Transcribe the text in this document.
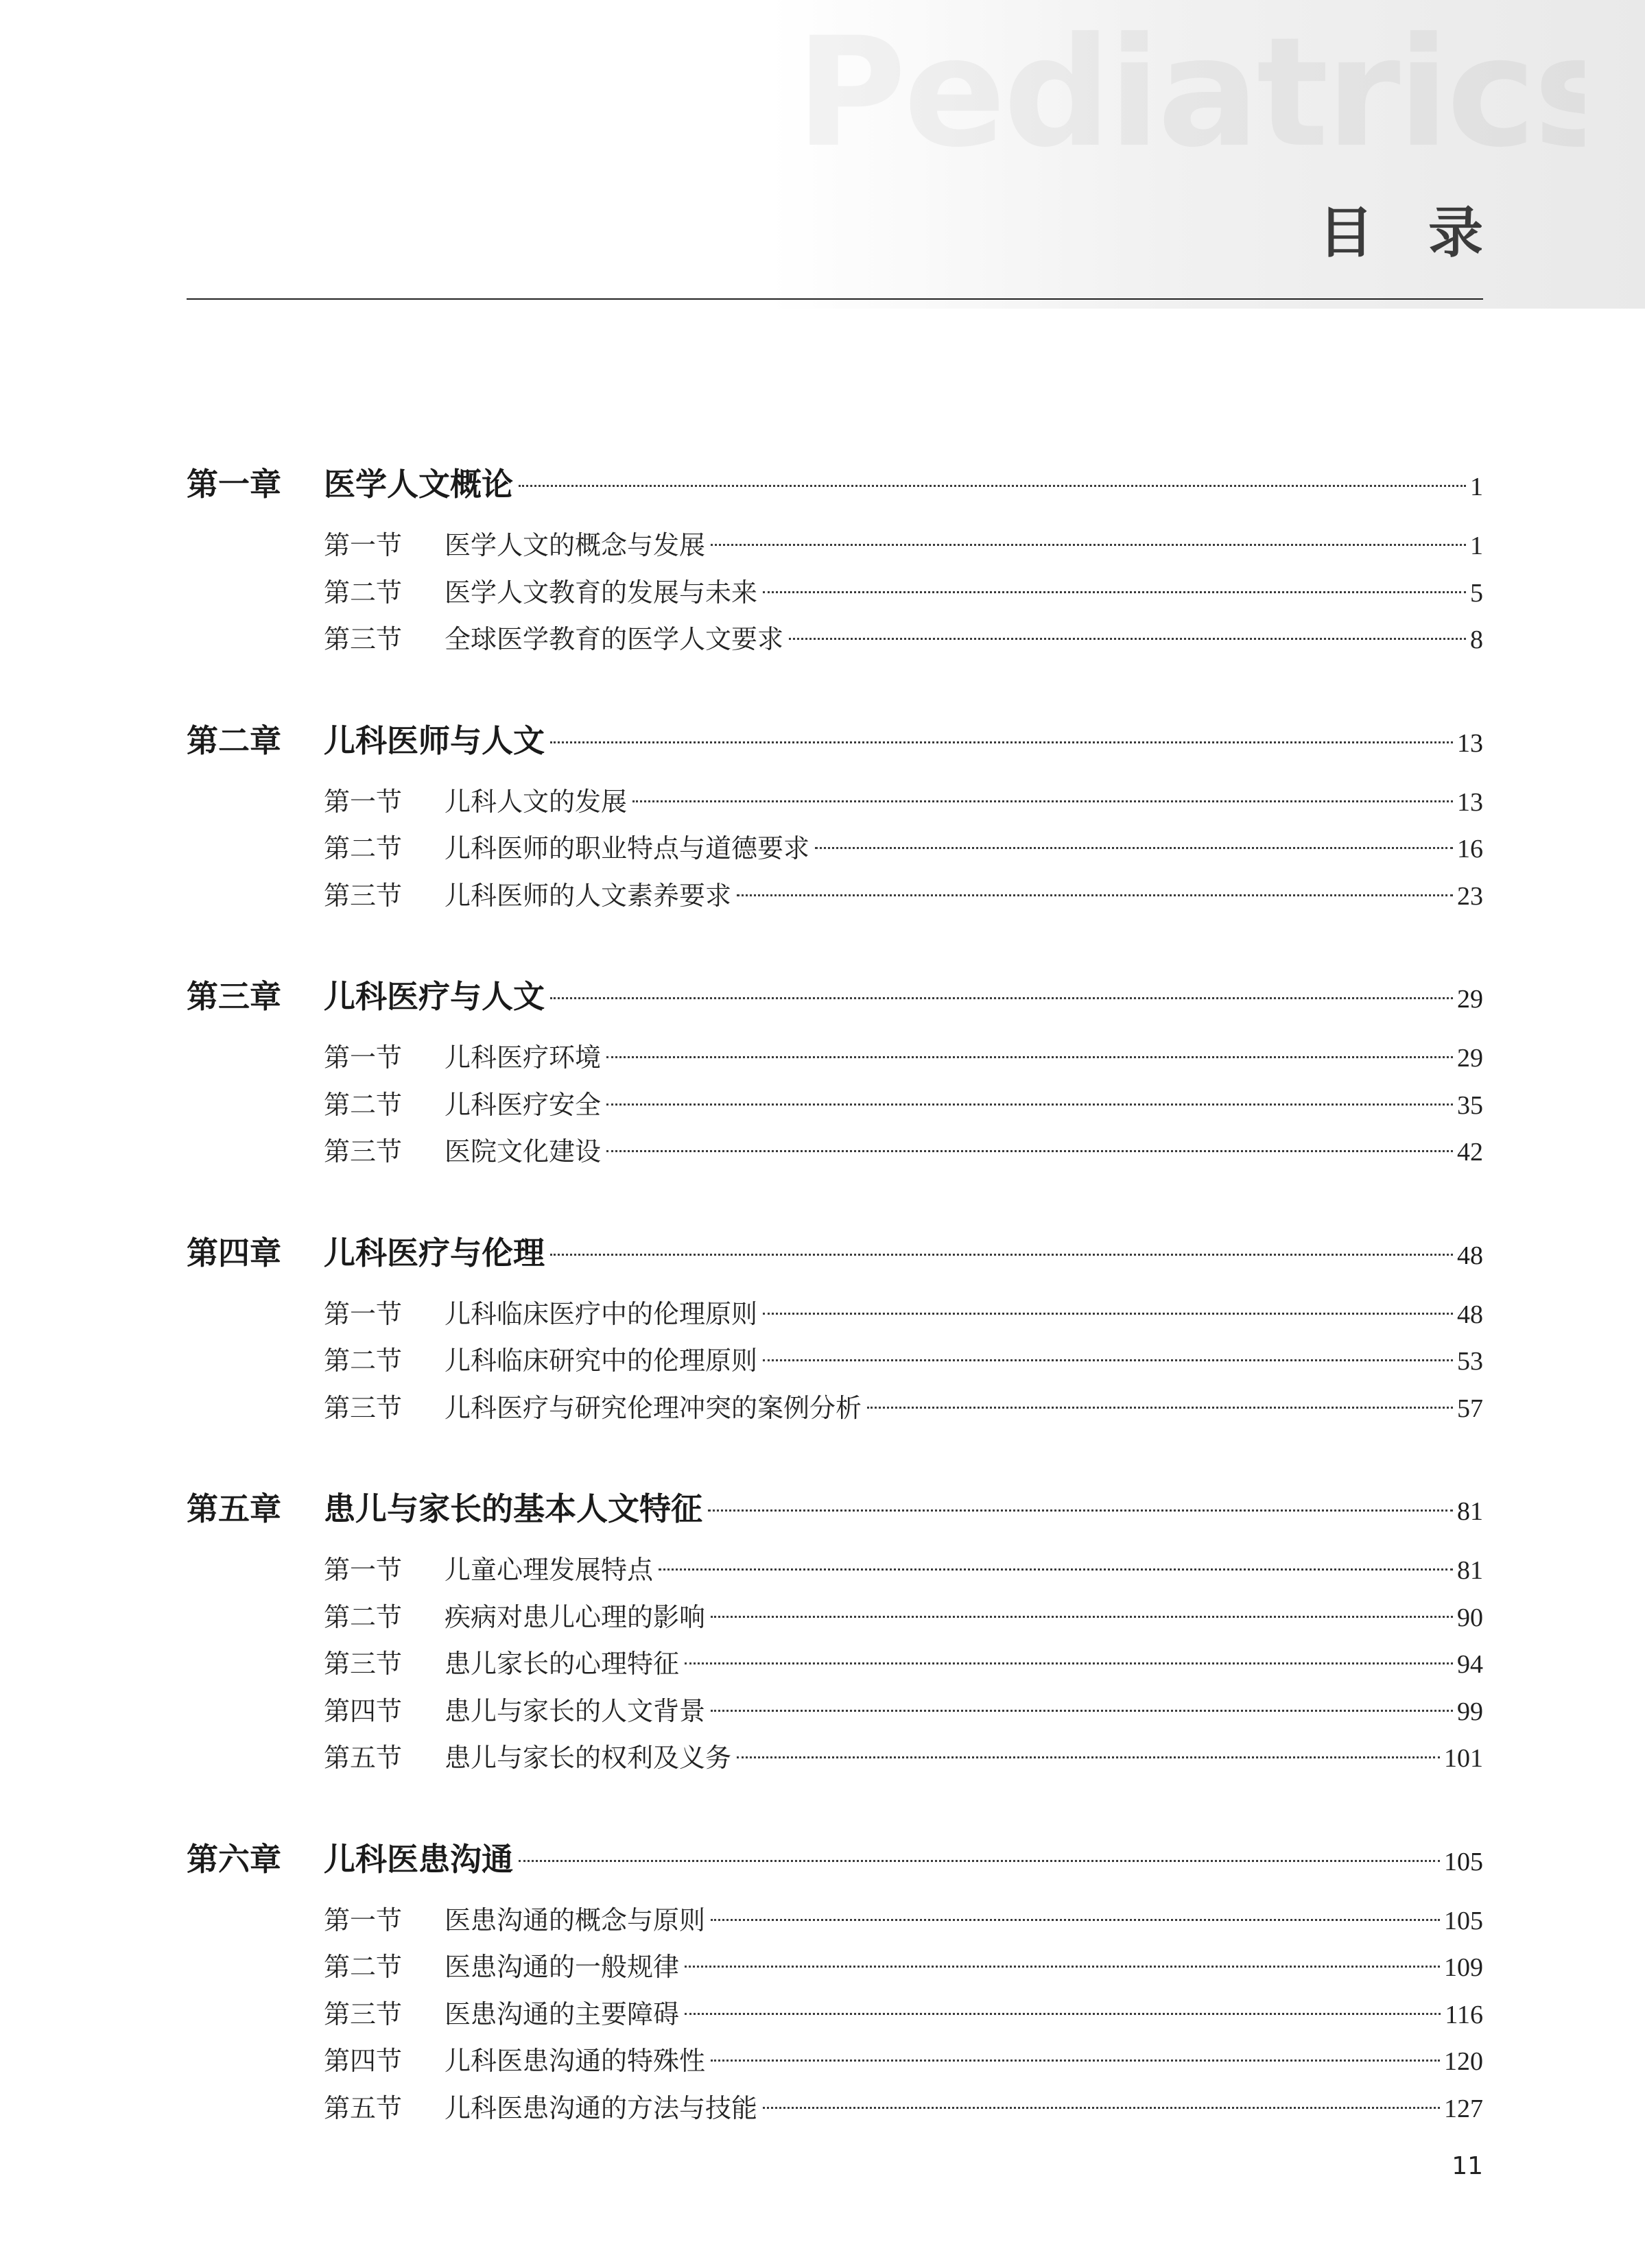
目录
第一章	医学人文概论	1
第一节	医学人文的概念与发展	1
第二节	医学人文教育的发展与未来	5
第三节	全球医学教育的医学人文要求	8
第二章	儿科医师与人文	13
第一节	儿科人文的发展	13
第二节	儿科医师的职业特点与道德要求	16
第三节	儿科医师的人文素养要求	23
第三章	儿科医疗与人文	29
第一节	儿科医疗环境	29
第二节	儿科医疗安全	35
第三节	医院文化建设	42
第四章	儿科医疗与伦理	48
第一节	儿科临床医疗中的伦理原则	48
第二节	儿科临床研究中的伦理原则	53
第三节	儿科医疗与研究伦理冲突的案例分析	57
第五章	患儿与家长的基本人文特征	81
第一节	儿童心理发展特点	81
第二节	疾病对患儿心理的影响	90
第三节	患儿家长的心理特征	94
第四节	患儿与家长的人文背景	99
第五节	患儿与家长的权利及义务	101
第六章	儿科医患沟通	105
第一节	医患沟通的概念与原则	105
第二节	医患沟通的一般规律	109
第三节	医患沟通的主要障碍	116
第四节	儿科医患沟通的特殊性	120
第五节	儿科医患沟通的方法与技能	127
11
